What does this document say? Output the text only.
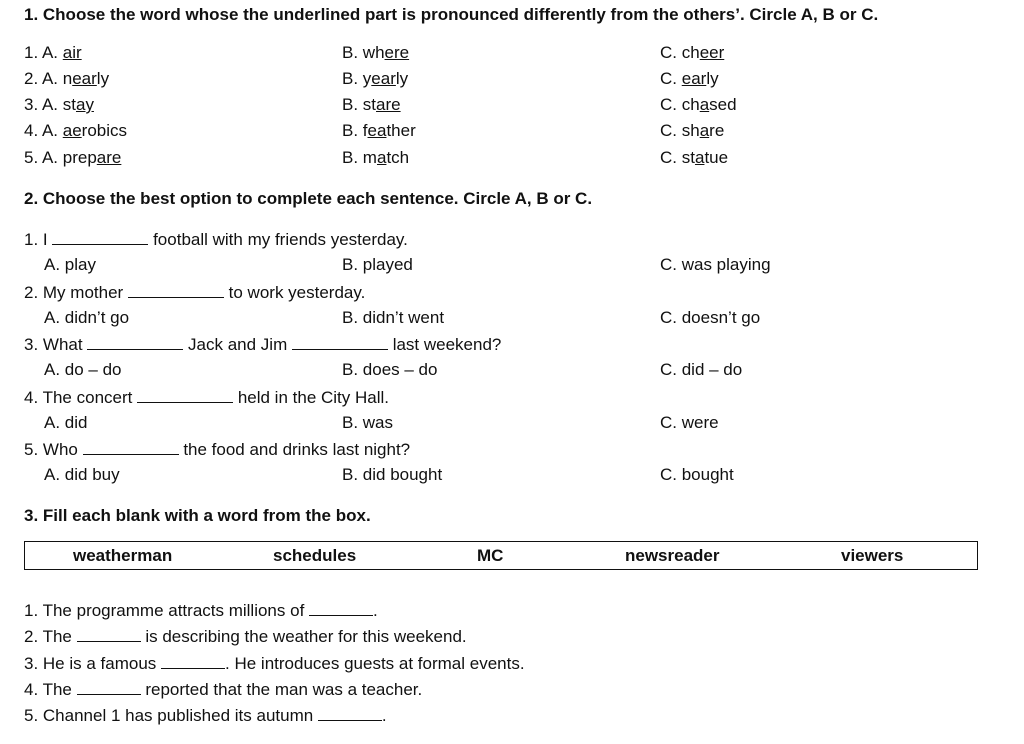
1. Choose the word whose the underlined part is pronounced differently from the others’. Circle A, B or C.
1. A. air	B. where	C. cheer
2. A. nearly	B. yearly	C. early
3. A. stay	B. stare	C. chased
4. A. aerobics	B. feather	C. share
5. A. prepare	B. match	C. statue
2. Choose the best option to complete each sentence. Circle A, B or C.
1. I	football with my friends yesterday.
A. play	B. played	C. was playing
2. My mother	to work yesterday.
A. didn’t go	B. didn’t went	C. doesn’t go
3. What	Jack and Jim	last weekend?
A. do – do	B. does – do	C. did – do
4. The concert	held in the City Hall.
A. did	B. was	C. were
5. Who	the food and drinks last night?
A. did buy	B. did bought	C. bought
3. Fill each blank with a word from the box.
weatherman	schedules	MC	newsreader	viewers
1. The programme attracts millions of	.
2. The	is describing the weather for this weekend.
3. He is a famous	. He introduces guests at formal events.
4. The	reported that the man was a teacher.
5. Channel 1 has published its autumn	.
